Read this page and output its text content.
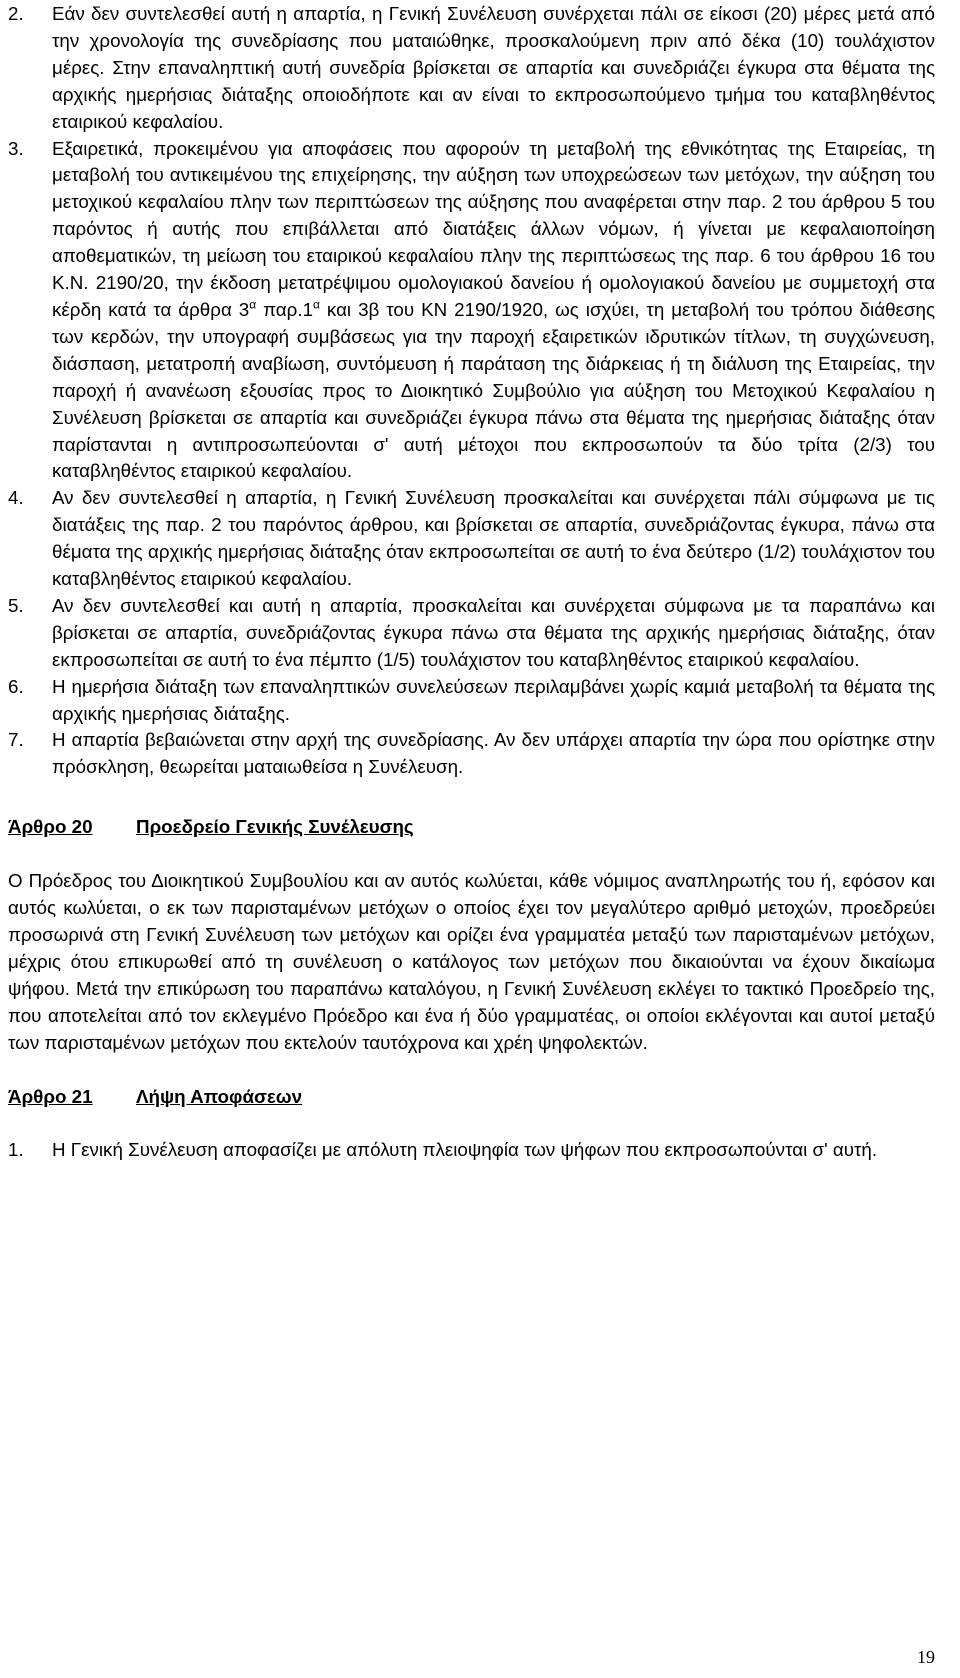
2.	Εάν δεν συντελεσθεί αυτή η απαρτία, η Γενική Συνέλευση συνέρχεται πάλι σε είκοσι (20) μέρες μετά από την χρονολογία της συνεδρίασης που ματαιώθηκε, προσκαλούμενη πριν από δέκα (10) τουλάχιστον μέρες. Στην επαναληπτική αυτή συνεδρία βρίσκεται σε απαρτία και συνεδριάζει έγκυρα στα θέματα της αρχικής ημερήσιας διάταξης οποιοδήποτε και αν είναι το εκπροσωπούμενο τμήμα του καταβληθέντος εταιρικού κεφαλαίου.
3.	Εξαιρετικά, προκειμένου για αποφάσεις που αφορούν τη μεταβολή της εθνικότητας της Εταιρείας, τη μεταβολή του αντικειμένου της επιχείρησης, την αύξηση των υποχρεώσεων των μετόχων, την αύξηση του μετοχικού κεφαλαίου πλην των περιπτώσεων της αύξησης που αναφέρεται στην παρ. 2 του άρθρου 5 του παρόντος ή αυτής που επιβάλλεται από διατάξεις άλλων νόμων, ή γίνεται με κεφαλαιοποίηση αποθεματικών, τη μείωση του εταιρικού κεφαλαίου πλην της περιπτώσεως της παρ. 6 του άρθρου 16 του Κ.Ν. 2190/20, την έκδοση μετατρέψιμου ομολογιακού δανείου ή ομολογιακού δανείου με συμμετοχή στα κέρδη κατά τα άρθρα $3^\alpha$ $\pi\alpha\rho.1^\alpha$ και 3β του ΚΝ 2190/1920, ως ισχύει, τη μεταβολή του τρόπου διάθεσης των κερδών, την υπογραφή συμβάσεως για την παροχή εξαιρετικών ιδρυτικών τίτλων, τη συγχώνευση, διάσπαση, μετατροπή αναβίωση, συντόμευση ή παράταση της διάρκειας ή τη διάλυση της Εταιρείας, την παροχή ή ανανέωση εξουσίας προς το Διοικητικό Συμβούλιο για αύξηση του Μετοχικού Κεφαλαίου η Συνέλευση βρίσκεται σε απαρτία και συνεδριάζει έγκυρα πάνω στα θέματα της ημερήσιας διάταξης όταν παρίστανται η αντιπροσωπεύονται σ' αυτή μέτοχοι που εκπροσωπούν τα δύο τρίτα (2/3) του καταβληθέντος εταιρικού κεφαλαίου.
4.	Αν δεν συντελεσθεί η απαρτία, η Γενική Συνέλευση προσκαλείται και συνέρχεται πάλι σύμφωνα με τις διατάξεις της παρ. 2 του παρόντος άρθρου, και βρίσκεται σε απαρτία, συνεδριάζοντας έγκυρα, πάνω στα θέματα της αρχικής ημερήσιας διάταξης όταν εκπροσωπείται σε αυτή το ένα δεύτερο (1/2) τουλάχιστον του καταβληθέντος εταιρικού κεφαλαίου.
5.	Αν δεν συντελεσθεί και αυτή η απαρτία, προσκαλείται και συνέρχεται σύμφωνα με τα παραπάνω και βρίσκεται σε απαρτία, συνεδριάζοντας έγκυρα πάνω στα θέματα της αρχικής ημερήσιας διάταξης, όταν εκπροσωπείται σε αυτή το ένα πέμπτο (1/5) τουλάχιστον του καταβληθέντος εταιρικού κεφαλαίου.
6.	Η ημερήσια διάταξη των επαναληπτικών συνελεύσεων περιλαμβάνει χωρίς καμιά μεταβολή τα θέματα της αρχικής ημερήσιας διάταξης.
7.	Η απαρτία βεβαιώνεται στην αρχή της συνεδρίασης. Αν δεν υπάρχει απαρτία την ώρα που ορίστηκε στην πρόσκληση, θεωρείται ματαιωθείσα η Συνέλευση.
Άρθρο 20 Προεδρείο Γενικής Συνέλευσης
Ο Πρόεδρος του Διοικητικού Συμβουλίου και αν αυτός κωλύεται, κάθε νόμιμος αναπληρωτής του ή, εφόσον και αυτός κωλύεται, ο εκ των παρισταμένων μετόχων ο οποίος έχει τον μεγαλύτερο αριθμό μετοχών, προεδρεύει προσωρινά στη Γενική Συνέλευση των μετόχων και ορίζει ένα γραμματέα μεταξύ των παρισταμένων μετόχων, μέχρις ότου επικυρωθεί από τη συνέλευση ο κατάλογος των μετόχων που δικαιούνται να έχουν δικαίωμα ψήφου. Μετά την επικύρωση του παραπάνω καταλόγου, η Γενική Συνέλευση εκλέγει το τακτικό Προεδρείο της, που αποτελείται από τον εκλεγμένο Πρόεδρο και ένα ή δύο γραμματέας, οι οποίοι εκλέγονται και αυτοί μεταξύ των παρισταμένων μετόχων που εκτελούν ταυτόχρονα και χρέη ψηφολεκτών.
Άρθρο 21 Λήψη Αποφάσεων
1.	Η Γενική Συνέλευση αποφασίζει με απόλυτη πλειοψηφία των ψήφων που εκπροσωπούνται σ' αυτή.
19
